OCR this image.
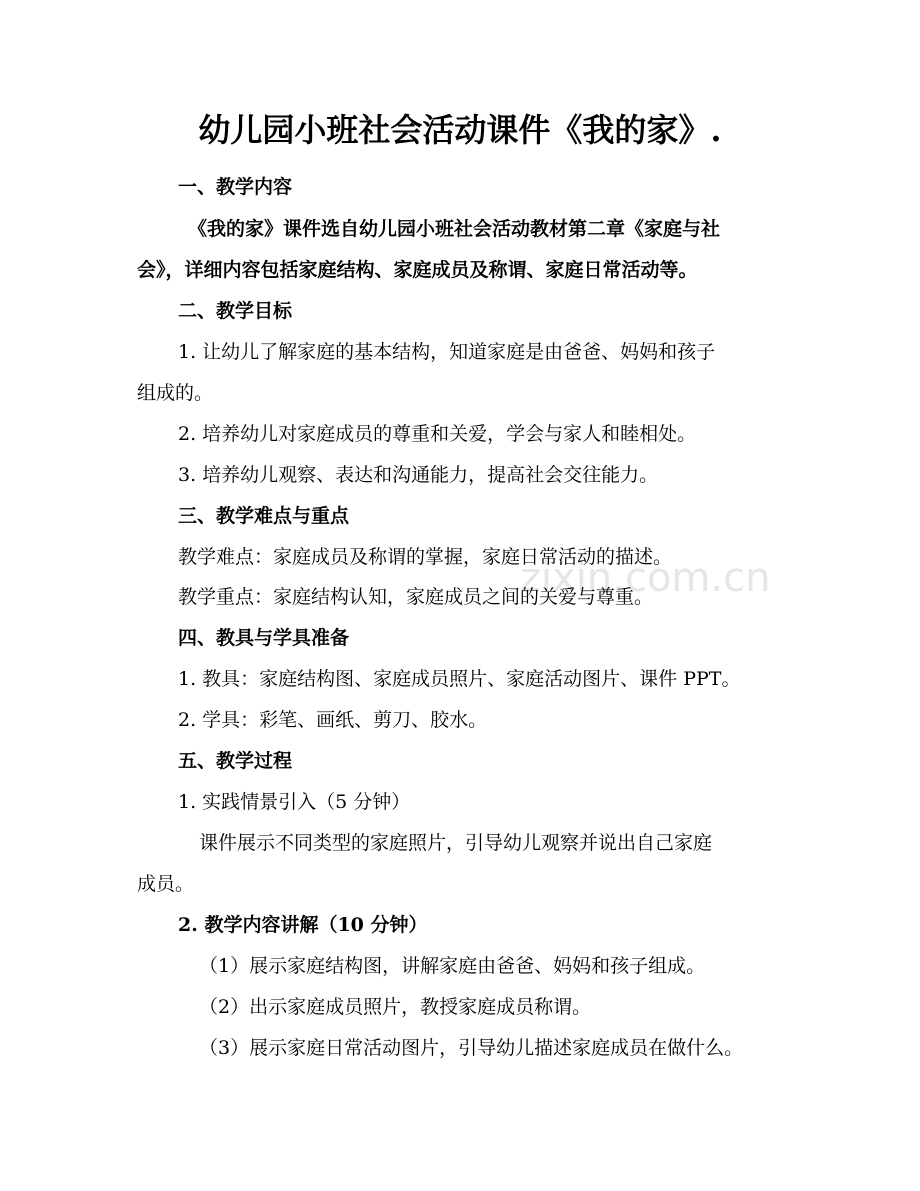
zixin.com.cn
幼儿园小班社会活动课件《我的家》.

一、教学内容

《我的家》课件选自幼儿园小班社会活动教材第二章《家庭与社

会》，详细内容包括家庭结构、家庭成员及称谓、家庭日常活动等。

二、教学目标

1. 让幼儿了解家庭的基本结构，知道家庭是由爸爸、妈妈和孩子

组成的。

2. 培养幼儿对家庭成员的尊重和关爱，学会与家人和睦相处。

3. 培养幼儿观察、表达和沟通能力，提高社会交往能力。

三、教学难点与重点

教学难点：家庭成员及称谓的掌握，家庭日常活动的描述。

教学重点：家庭结构认知，家庭成员之间的关爱与尊重。

四、教具与学具准备

1. 教具：家庭结构图、家庭成员照片、家庭活动图片、课件 PPT。

2. 学具：彩笔、画纸、剪刀、胶水。

五、教学过程

1. 实践情景引入（5 分钟）

课件展示不同类型的家庭照片，引导幼儿观察并说出自己家庭

成员。

2. 教学内容讲解（10 分钟）

（1）展示家庭结构图，讲解家庭由爸爸、妈妈和孩子组成。

（2）出示家庭成员照片，教授家庭成员称谓。

（3）展示家庭日常活动图片，引导幼儿描述家庭成员在做什么。
